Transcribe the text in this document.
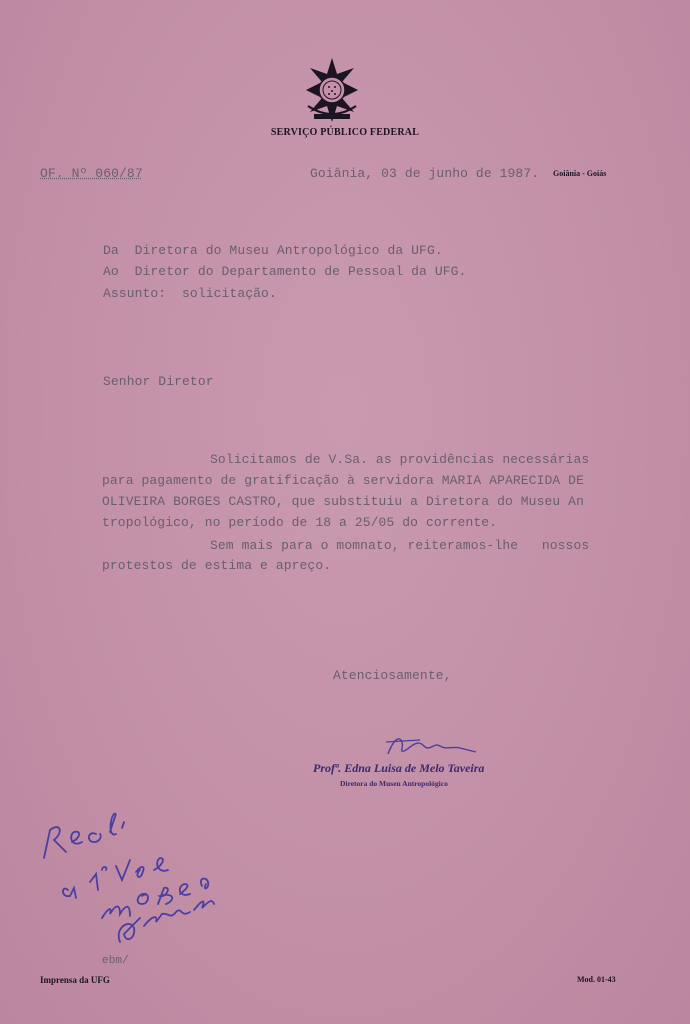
SERVIÇO PÚBLICO FEDERAL
OF. Nº 060/87	Goiânia, 03 de junho de 1987. Goiânia - Goiás
Da  Diretora do Museu Antropológico da UFG.
Ao  Diretor do Departamento de Pessoal da UFG.
Assunto:  solicitação.
Senhor Diretor
Solicitamos de V.Sa. as providências necessárias
para pagamento de gratificação à servidora MARIA APARECIDA DE
OLIVEIRA BORGES CASTRO, que substituiu a Diretora do Museu An
tropológico, no período de 18 a 25/05 do corrente.
Sem mais para o momnato, reiteramos-lhe   nossos
protestos de estima e apreço.
Atenciosamente,
Profª. Edna Luisa de Melo Taveira
Diretora do Museu Antropológico
ebm/
Imprensa da UFG	Mod. 01-43
